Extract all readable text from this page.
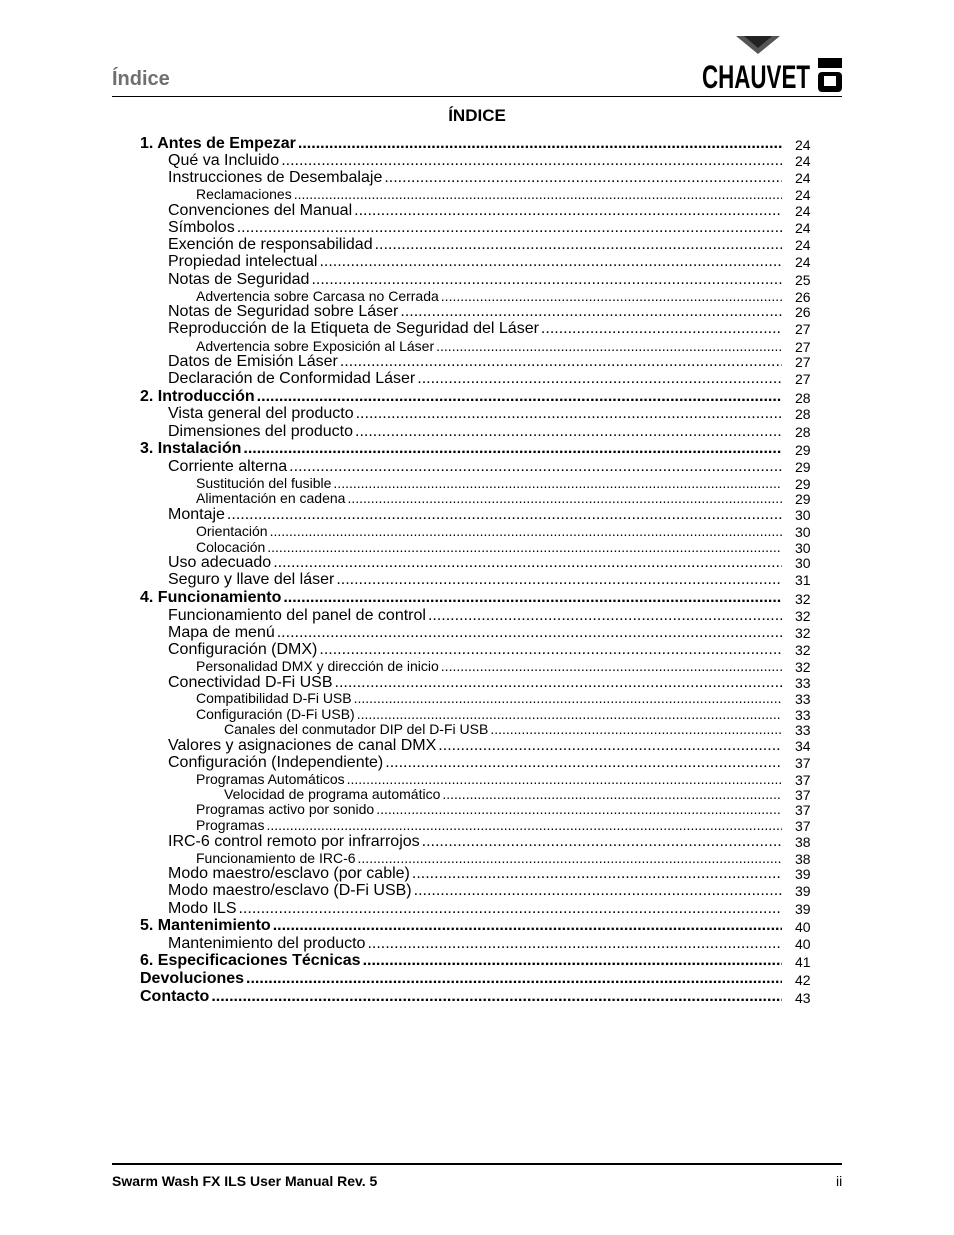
Índice	CHAUVET
ÍNDICE
1. Antes de Empezar .....	24
Qué va Incluido .....	24
Instrucciones de Desembalaje .....	24
Reclamaciones .....	24
Convenciones del Manual .....	24
Símbolos .....	24
Exención de responsabilidad .....	24
Propiedad intelectual .....	24
Notas de Seguridad .....	25
Advertencia sobre Carcasa no Cerrada .....	26
Notas de Seguridad sobre Láser .....	26
Reproducción de la Etiqueta de Seguridad del Láser .....	27
Advertencia sobre Exposición al Láser .....	27
Datos de Emisión Láser .....	27
Declaración de Conformidad Láser .....	27
2. Introducción .....	28
Vista general del producto .....	28
Dimensiones del producto .....	28
3. Instalación .....	29
Corriente alterna .....	29
Sustitución del fusible .....	29
Alimentación en cadena .....	29
Montaje .....	30
Orientación .....	30
Colocación .....	30
Uso adecuado .....	30
Seguro y llave del láser .....	31
4. Funcionamiento .....	32
Funcionamiento del panel de control .....	32
Mapa de menú .....	32
Configuración (DMX) .....	32
Personalidad DMX y dirección de inicio .....	32
Conectividad D-Fi USB .....	33
Compatibilidad D-Fi USB .....	33
Configuración (D-Fi USB) .....	33
Canales del conmutador DIP del D-Fi USB .....	33
Valores y asignaciones de canal DMX .....	34
Configuración (Independiente) .....	37
Programas Automáticos .....	37
Velocidad de programa automático .....	37
Programas activo por sonido .....	37
Programas .....	37
IRC-6 control remoto por infrarrojos .....	38
Funcionamiento de IRC-6 .....	38
Modo maestro/esclavo (por cable) .....	39
Modo maestro/esclavo (D-Fi USB) .....	39
Modo ILS .....	39
5. Mantenimiento .....	40
Mantenimiento del producto .....	40
6. Especificaciones Técnicas .....	41
Devoluciones .....	42
Contacto .....	43
Swarm Wash FX ILS User Manual Rev. 5	ii
